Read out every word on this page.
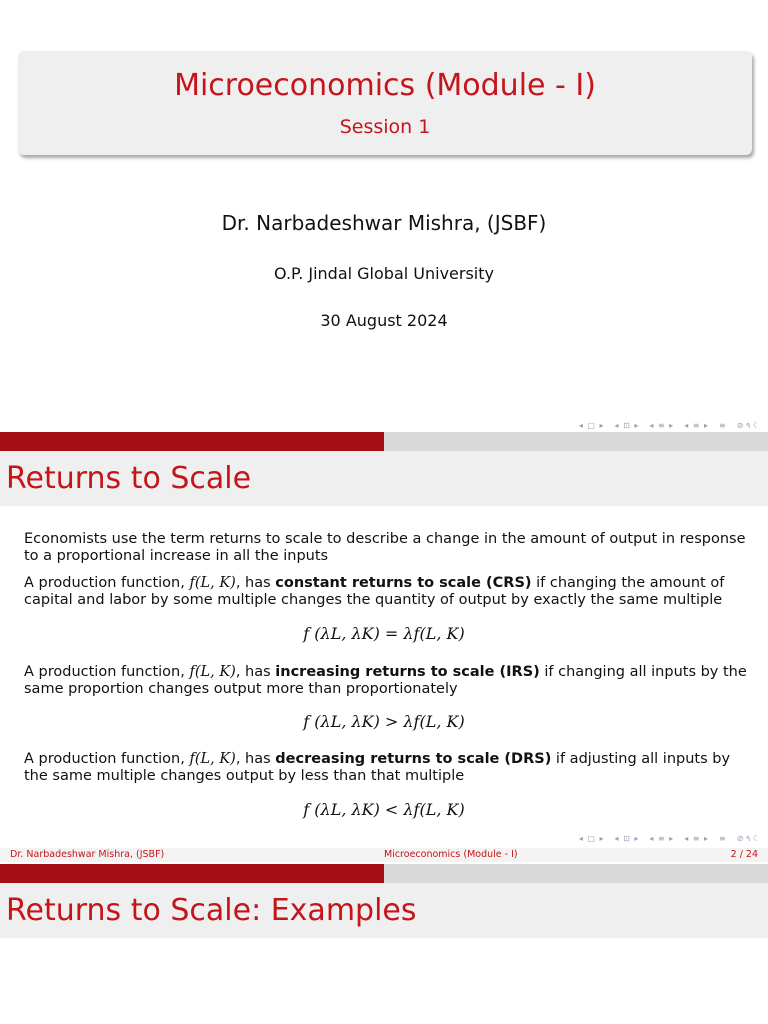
Microeconomics (Module - I)
Session 1
Dr. Narbadeshwar Mishra, (JSBF)
O.P. Jindal Global University
30 August 2024
◂ □ ▸ ◂ ⊡ ▸ ◂ ≡ ▸ ◂ ≡ ▸ ≡ ⊘ ۹ ☾
Returns to Scale
Economists use the term returns to scale to describe a change in the amount of output in response to a proportional increase in all the inputs
A production function, f(L, K), has constant returns to scale (CRS) if changing the amount of capital and labor by some multiple changes the quantity of output by exactly the same multiple
f (λL, λK) = λf(L, K)
A production function, f(L, K), has increasing returns to scale (IRS) if changing all inputs by the same proportion changes output more than proportionately
f (λL, λK) > λf(L, K)
A production function, f(L, K), has decreasing returns to scale (DRS) if adjusting all inputs by the same multiple changes output by less than that multiple
f (λL, λK) < λf(L, K)
◂ □ ▸ ◂ ⊡ ▸ ◂ ≡ ▸ ◂ ≡ ▸ ≡ ⊘ ۹ ☾
Dr. Narbadeshwar Mishra, (JSBF)	Microeconomics (Module - I)	2 / 24
Returns to Scale: Examples
